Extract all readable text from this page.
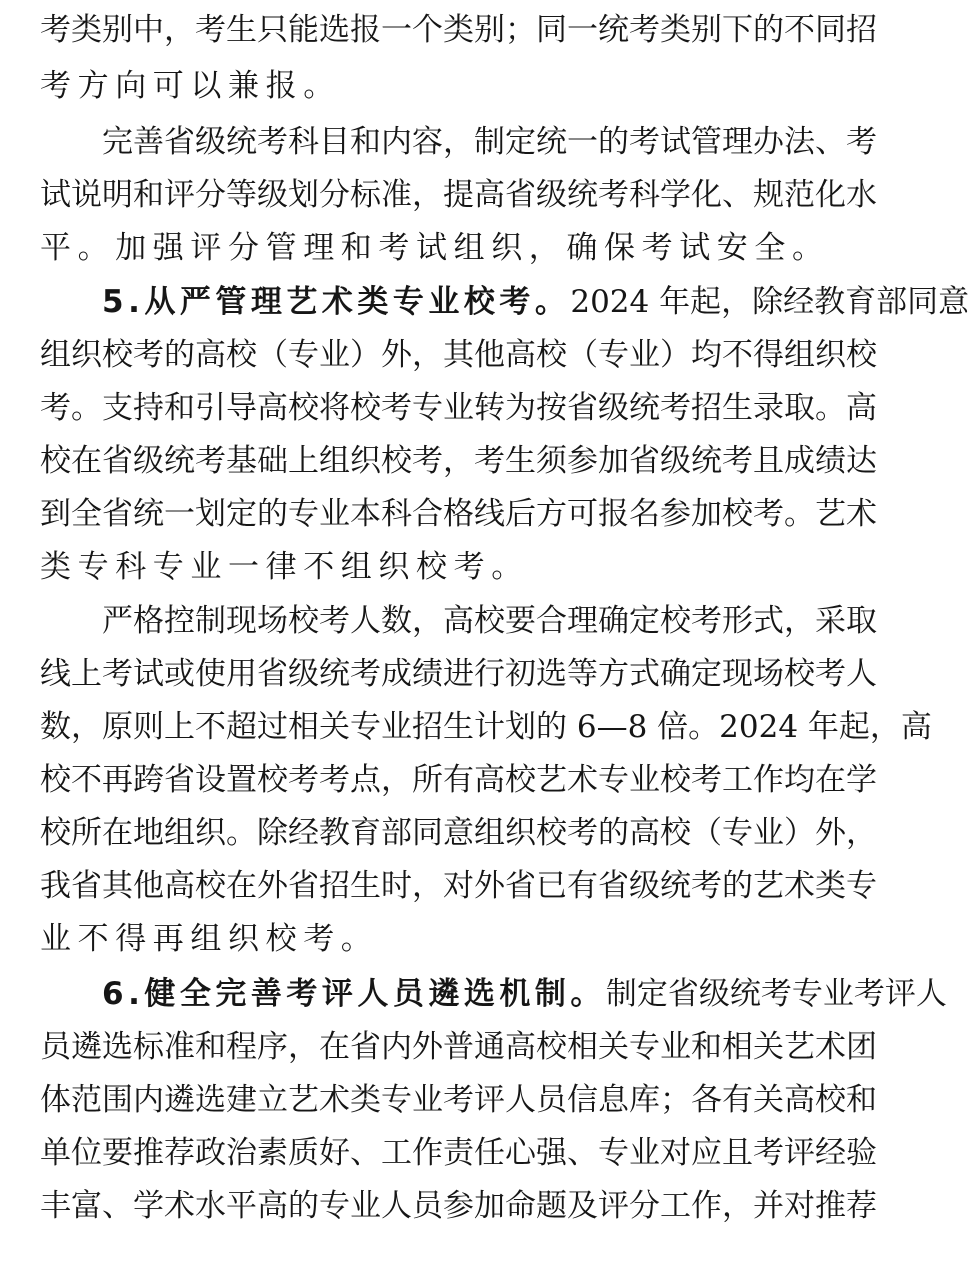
考类别中，考生只能选报一个类别；同一统考类别下的不同招
考方向可以兼报。
完善省级统考科目和内容，制定统一的考试管理办法、考
试说明和评分等级划分标准，提高省级统考科学化、规范化水
平。加强评分管理和考试组织，确保考试安全。
5.从严管理艺术类专业校考。2024 年起，除经教育部同意
组织校考的高校（专业）外，其他高校（专业）均不得组织校
考。支持和引导高校将校考专业转为按省级统考招生录取。高
校在省级统考基础上组织校考，考生须参加省级统考且成绩达
到全省统一划定的专业本科合格线后方可报名参加校考。艺术
类专科专业一律不组织校考。
严格控制现场校考人数，高校要合理确定校考形式，采取
线上考试或使用省级统考成绩进行初选等方式确定现场校考人
数，原则上不超过相关专业招生计划的 6—8 倍。2024 年起，高
校不再跨省设置校考考点，所有高校艺术专业校考工作均在学
校所在地组织。除经教育部同意组织校考的高校（专业）外，
我省其他高校在外省招生时，对外省已有省级统考的艺术类专
业不得再组织校考。
6.健全完善考评人员遴选机制。制定省级统考专业考评人
员遴选标准和程序，在省内外普通高校相关专业和相关艺术团
体范围内遴选建立艺术类专业考评人员信息库；各有关高校和
单位要推荐政治素质好、工作责任心强、专业对应且考评经验
丰富、学术水平高的专业人员参加命题及评分工作，并对推荐
